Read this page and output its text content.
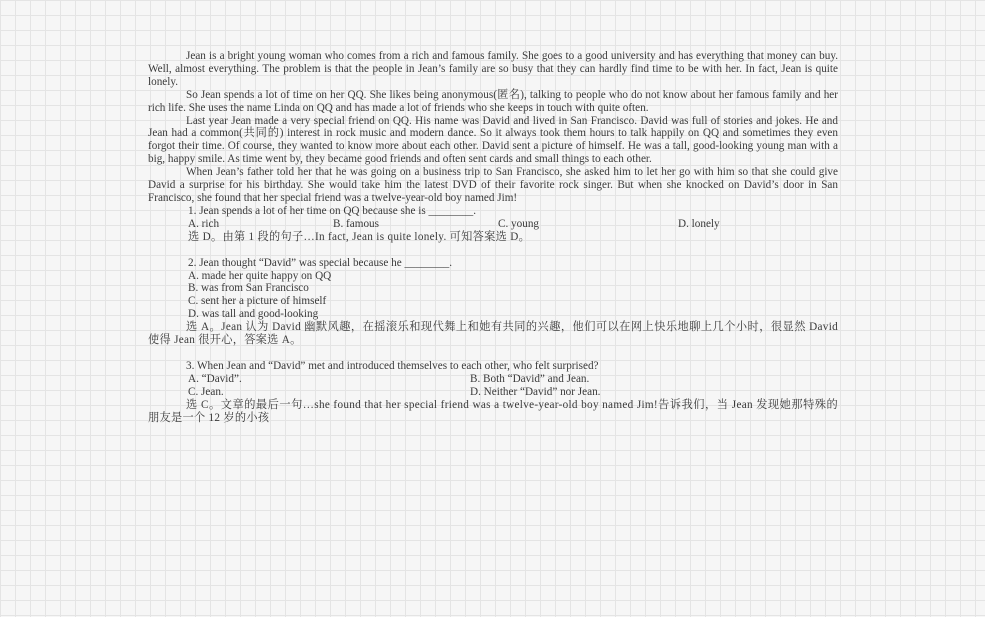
Jean is a bright young woman who comes from a rich and famous family. She goes to a good university and has everything that money can buy. Well, almost everything. The problem is that the people in Jean’s family are so busy that they can hardly find time to be with her. In fact, Jean is quite lonely.

So Jean spends a lot of time on her QQ. She likes being anonymous(匿名), talking to people who do not know about her famous family and her rich life. She uses the name Linda on QQ and has made a lot of friends who she keeps in touch with quite often.

Last year Jean made a very special friend on QQ. His name was David and lived in San Francisco. David was full of stories and jokes. He and Jean had a common(共同的) interest in rock music and modern dance. So it always took them hours to talk happily on QQ and sometimes they even forgot their time. Of course, they wanted to know more about each other. David sent a picture of himself. He was a tall, good-looking young man with a big, happy smile. As time went by, they became good friends and often sent cards and small things to each other.

When Jean’s father told her that he was going on a business trip to San Francisco, she asked him to let her go with him so that she could give David a surprise for his birthday. She would take him the latest DVD of their favorite rock singer. But when she knocked on David’s door in San Francisco, she found that her special friend was a twelve-year-old boy named Jim!

1. Jean spends a lot of her time on QQ because she is ________.

A. rich	B. famous	C. young	D. lonely

选 D。由第 1 段的句子…In fact, Jean is quite lonely. 可知答案选 D。

2. Jean thought “David” was special because he ________.

A. made her quite happy on QQ

B. was from San Francisco

C. sent her a picture of himself

D. was tall and good-looking

选 A。Jean 认为 David 幽默风趣，在摇滚乐和现代舞上和她有共同的兴趣，他们可以在网上快乐地聊上几个小时，很显然 David 使得 Jean 很开心，答案选 A。

3. When Jean and “David” met and introduced themselves to each other, who felt surprised?

A. “David”.	B. Both “David” and Jean.
C. Jean.	D. Neither “David” nor Jean.

选 C。文章的最后一句…she found that her special friend was a twelve-year-old boy named Jim!告诉我们，当 Jean 发现她那特殊的朋友是一个 12 岁的小孩
